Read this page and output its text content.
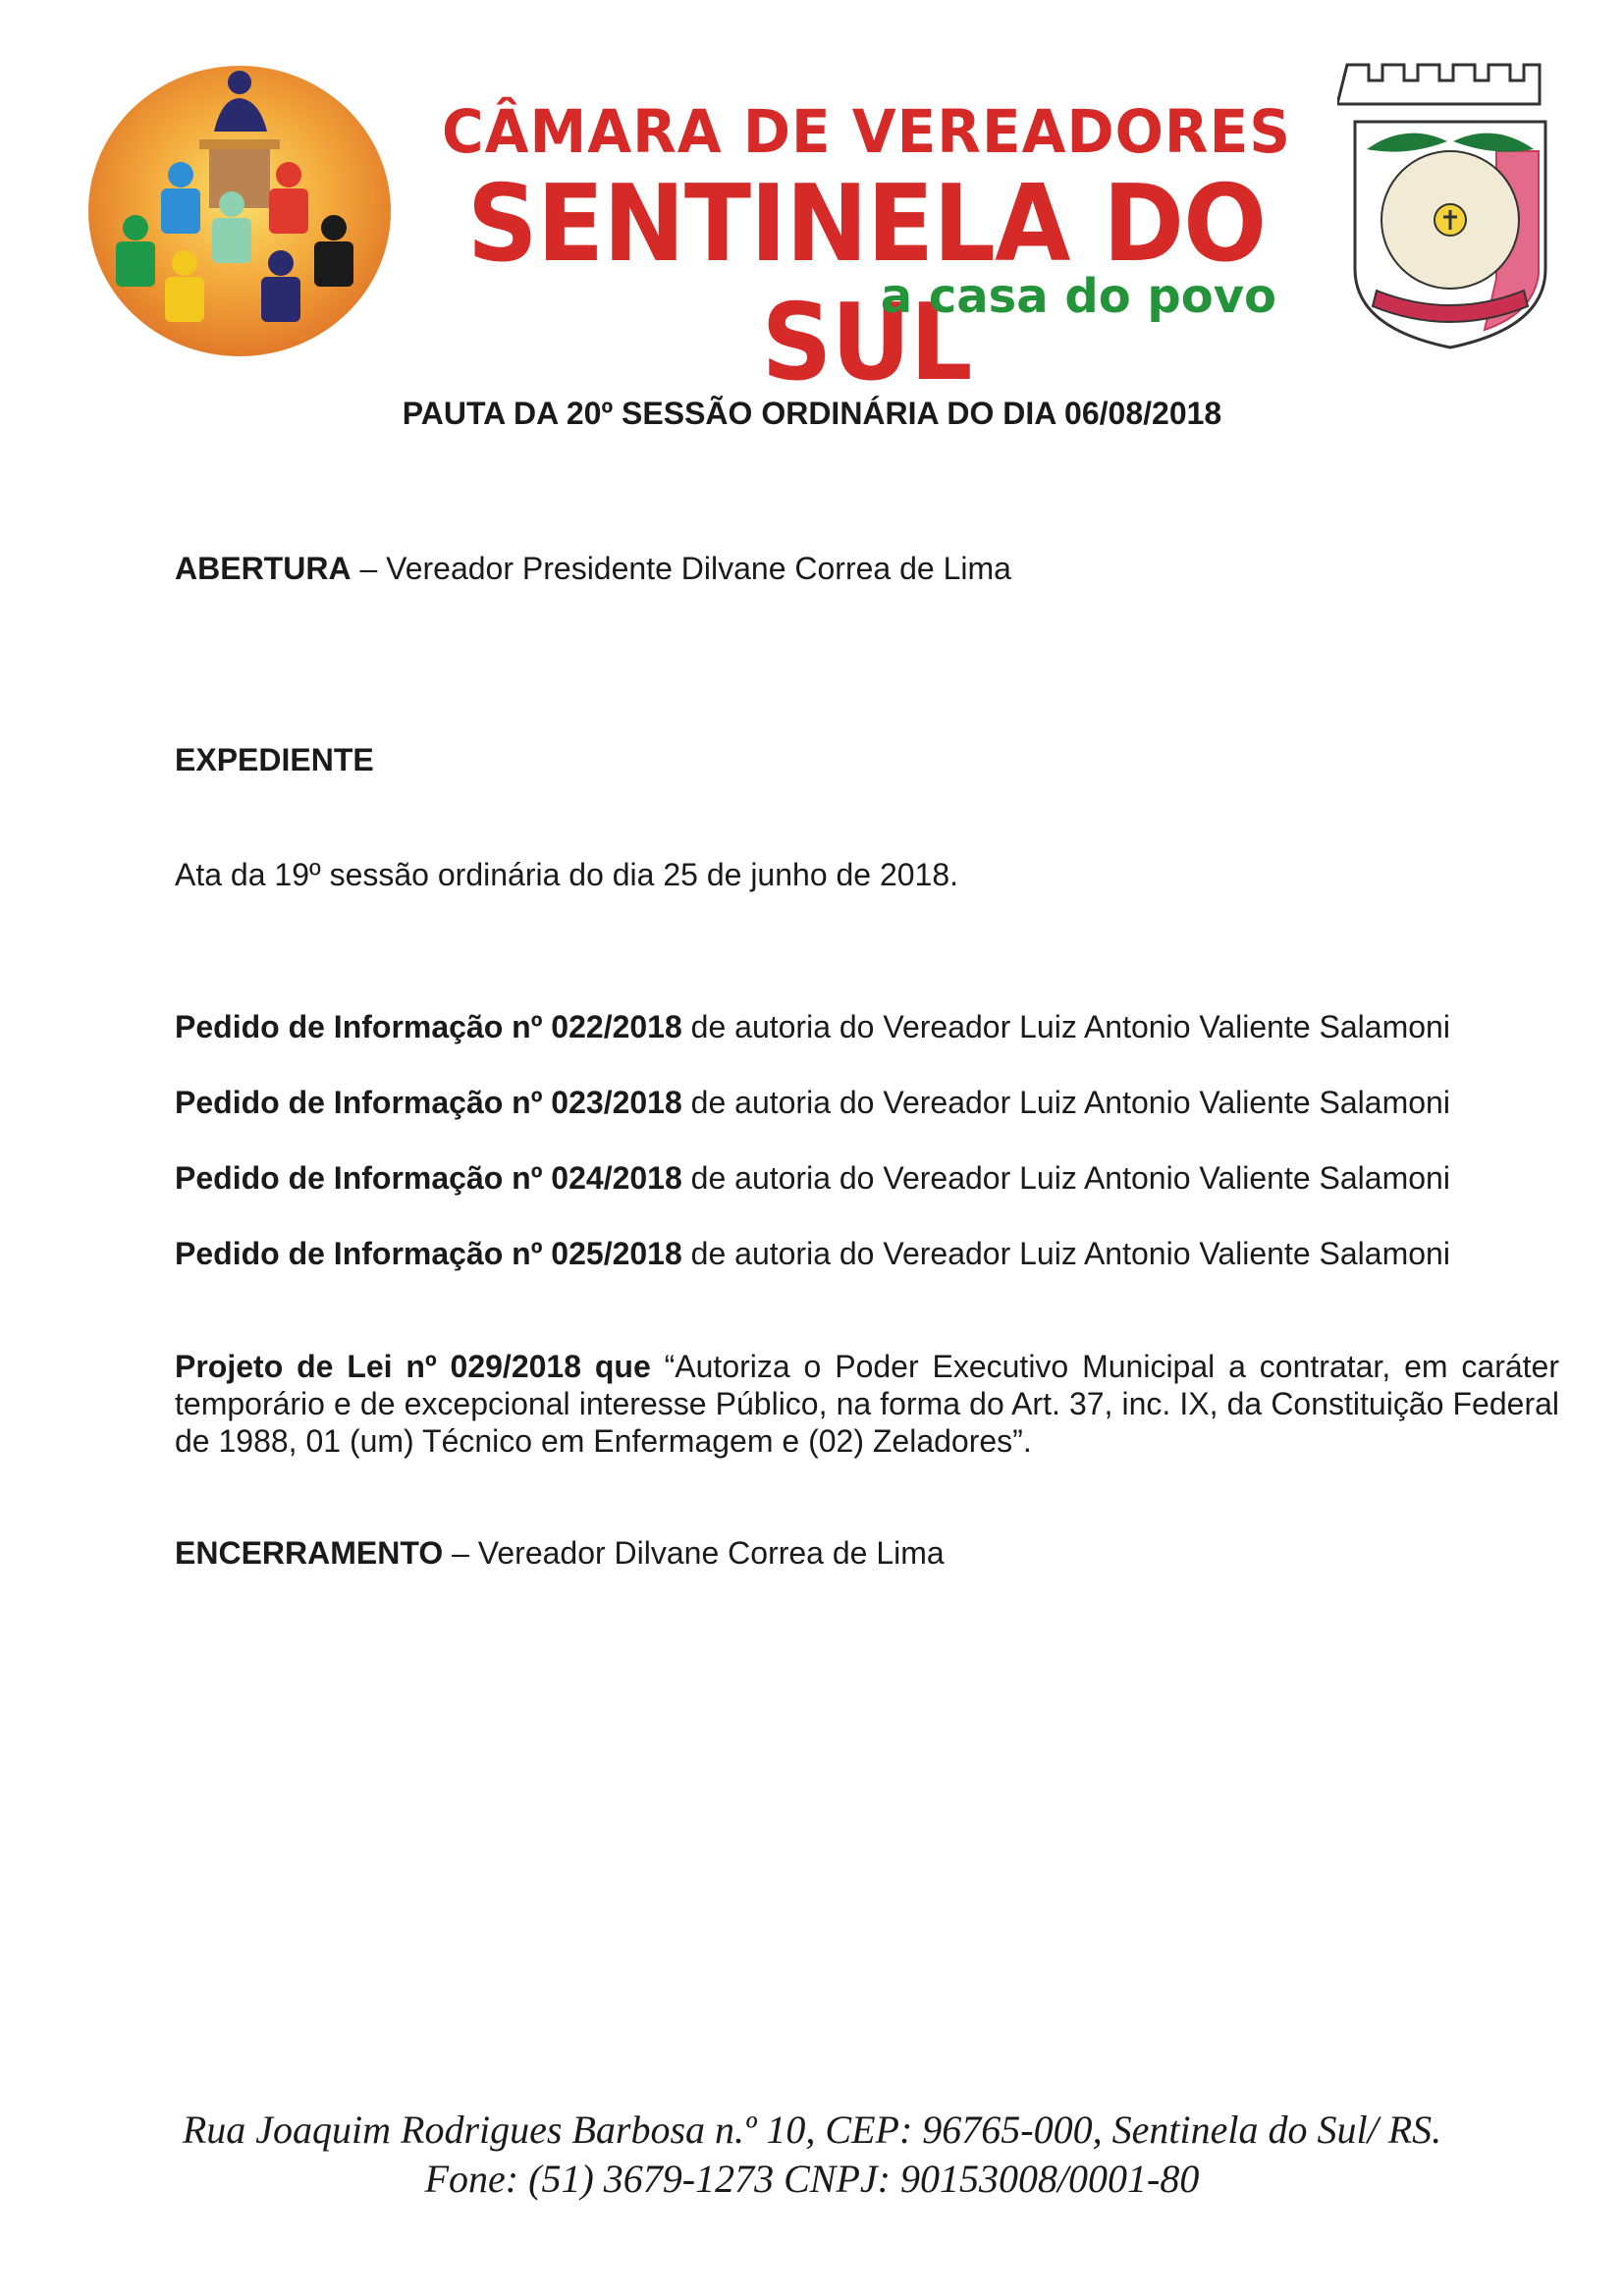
CÂMARA DE VEREADORES
SENTINELA DO SUL
a casa do povo
PAUTA DA 20º SESSÃO ORDINÁRIA DO DIA 06/08/2018
ABERTURA – Vereador Presidente Dilvane Correa de Lima
EXPEDIENTE
Ata da 19º sessão ordinária do dia 25 de junho de 2018.
Pedido de Informação nº 022/2018 de autoria do Vereador Luiz Antonio Valiente Salamoni
Pedido de Informação nº 023/2018 de autoria do Vereador Luiz Antonio Valiente Salamoni
Pedido de Informação nº 024/2018 de autoria do Vereador Luiz Antonio Valiente Salamoni
Pedido de Informação nº 025/2018 de autoria do Vereador Luiz Antonio Valiente Salamoni
Projeto de Lei nº 029/2018 que “Autoriza o Poder Executivo Municipal a contratar, em caráter temporário e de excepcional interesse Público, na forma do Art. 37, inc. IX, da Constituição Federal de 1988, 01 (um) Técnico em Enfermagem e (02) Zeladores”.
ENCERRAMENTO – Vereador Dilvane Correa de Lima
Rua Joaquim Rodrigues Barbosa n.º 10, CEP: 96765-000, Sentinela do Sul/ RS.
Fone: (51) 3679-1273 CNPJ: 90153008/0001-80
